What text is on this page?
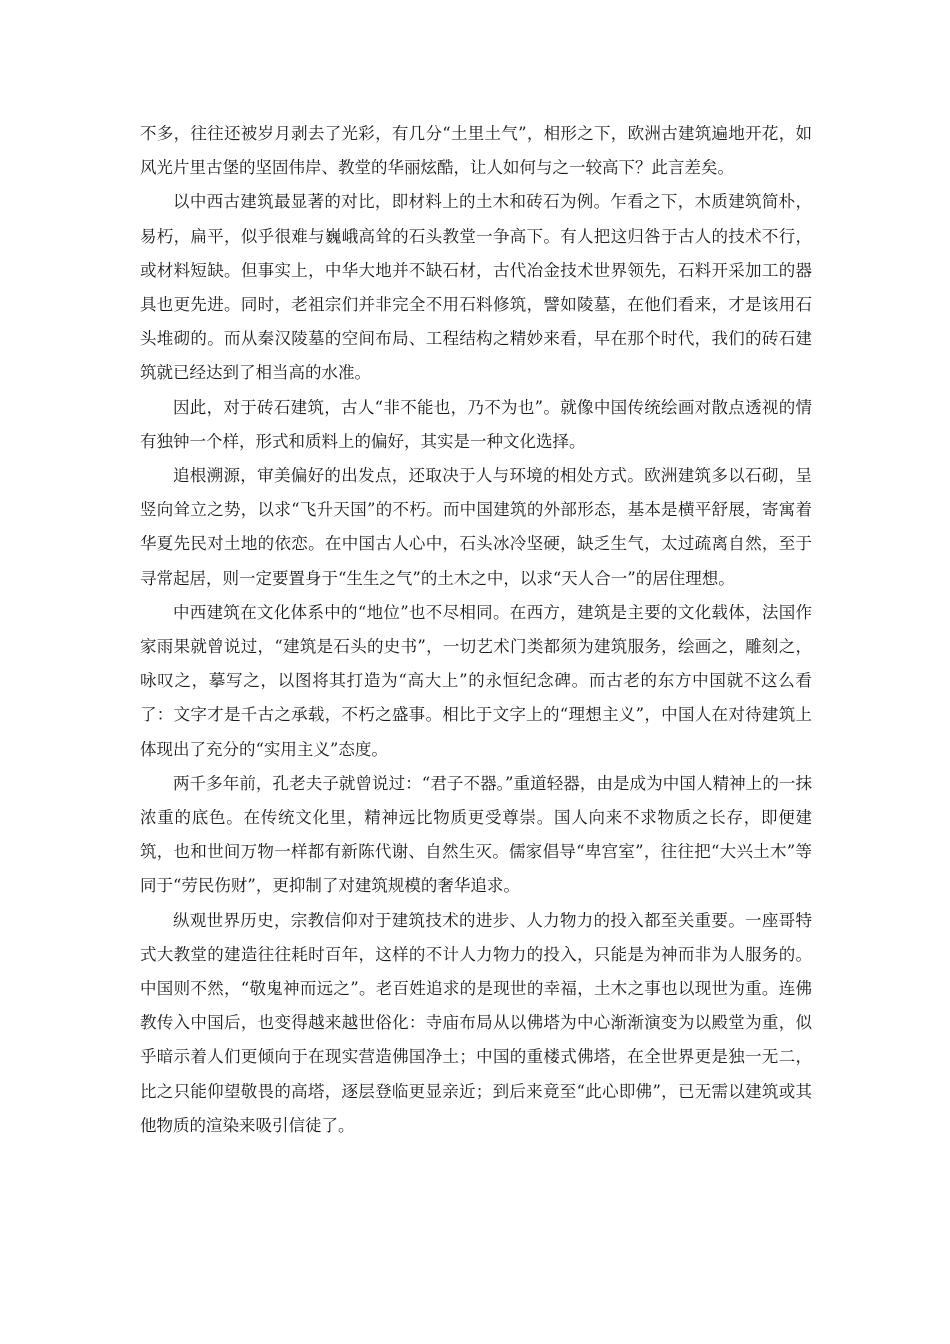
不多，往往还被岁月剥去了光彩，有几分“土里土气”，相形之下，欧洲古建筑遍地开花，如风光片里古堡的坚固伟岸、教堂的华丽炫酷，让人如何与之一较高下？此言差矣。

以中西古建筑最显著的对比，即材料上的土木和砖石为例。乍看之下，木质建筑简朴，易朽，扁平，似乎很难与巍峨高耸的石头教堂一争高下。有人把这归咎于古人的技术不行，或材料短缺。但事实上，中华大地并不缺石材，古代冶金技术世界领先，石料开采加工的器具也更先进。同时，老祖宗们并非完全不用石料修筑，譬如陵墓，在他们看来，才是该用石头堆砌的。而从秦汉陵墓的空间布局、工程结构之精妙来看，早在那个时代，我们的砖石建筑就已经达到了相当高的水准。

因此，对于砖石建筑，古人“非不能也，乃不为也”。就像中国传统绘画对散点透视的情有独钟一个样，形式和质料上的偏好，其实是一种文化选择。

追根溯源，审美偏好的出发点，还取决于人与环境的相处方式。欧洲建筑多以石砌，呈竖向耸立之势，以求“飞升天国”的不朽。而中国建筑的外部形态，基本是横平舒展，寄寓着华夏先民对土地的依恋。在中国古人心中，石头冰冷坚硬，缺乏生气，太过疏离自然，至于寻常起居，则一定要置身于“生生之气”的土木之中，以求“天人合一”的居住理想。

中西建筑在文化体系中的“地位”也不尽相同。在西方，建筑是主要的文化载体，法国作家雨果就曾说过，“建筑是石头的史书”，一切艺术门类都须为建筑服务，绘画之，雕刻之，咏叹之，摹写之，以图将其打造为“高大上”的永恒纪念碑。而古老的东方中国就不这么看了：文字才是千古之承载，不朽之盛事。相比于文字上的“理想主义”，中国人在对待建筑上体现出了充分的“实用主义”态度。

两千多年前，孔老夫子就曾说过：“君子不器。”重道轻器，由是成为中国人精神上的一抹浓重的底色。在传统文化里，精神远比物质更受尊崇。国人向来不求物质之长存，即便建筑，也和世间万物一样都有新陈代谢、自然生灭。儒家倡导“卑宫室”，往往把“大兴土木”等同于“劳民伤财”，更抑制了对建筑规模的奢华追求。

纵观世界历史，宗教信仰对于建筑技术的进步、人力物力的投入都至关重要。一座哥特式大教堂的建造往往耗时百年，这样的不计人力物力的投入，只能是为神而非为人服务的。中国则不然，“敬鬼神而远之”。老百姓追求的是现世的幸福，土木之事也以现世为重。连佛教传入中国后，也变得越来越世俗化：寺庙布局从以佛塔为中心渐渐演变为以殿堂为重，似乎暗示着人们更倾向于在现实营造佛国净土；中国的重楼式佛塔，在全世界更是独一无二，比之只能仰望敬畏的高塔，逐层登临更显亲近；到后来竟至“此心即佛”，已无需以建筑或其他物质的渲染来吸引信徒了。
